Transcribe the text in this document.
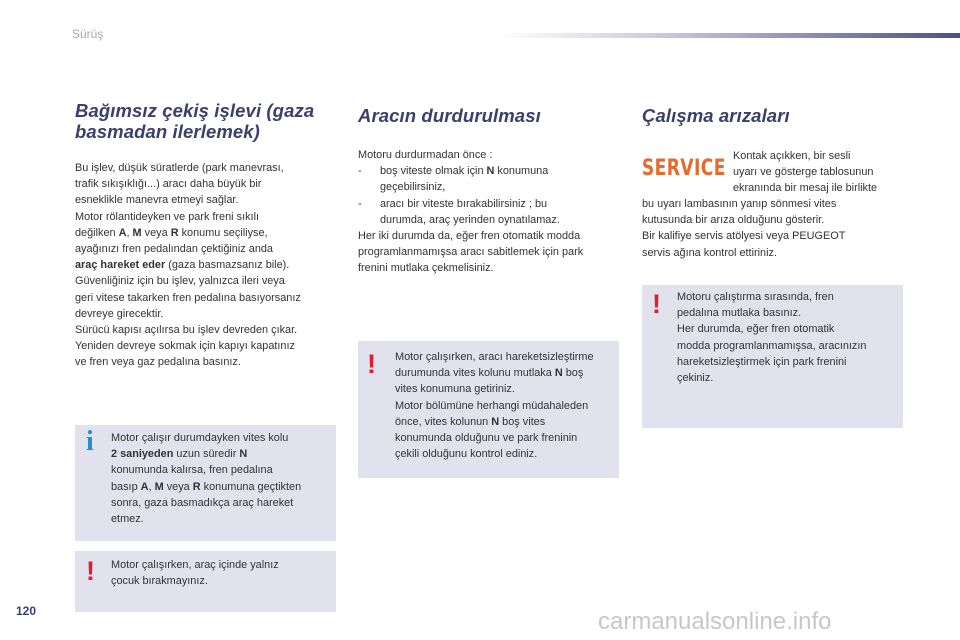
Sürüş
Bağımsız çekiş işlevi (gaza
basmadan ilerlemek)

Bu işlev, düşük süratlerde (park manevrası,

trafik sıkışıklığı...) aracı daha büyük bir

esneklikle manevra etmeyi sağlar.

Motor rölantideyken ve park freni sıkılı

değilken A, M veya R konumu seçiliyse,

ayağınızı fren pedalından çektiğiniz anda

araç hareket eder (gaza basmazsanız bile).

Güvenliğiniz için bu işlev, yalnızca ileri veya

geri vitese takarken fren pedalına basıyorsanız

devreye girecektir.

Sürücü kapısı açılırsa bu işlev devreden çıkar.

Yeniden devreye sokmak için kapıyı kapatınız

ve fren veya gaz pedalına basınız.

i Motor çalışır durumdayken vites kolu

2 saniyeden uzun süredir N

konumunda kalırsa, fren pedalına

basıp A, M veya R konumuna geçtikten

sonra, gaza basmadıkça araç hareket

etmez.

! Motor çalışırken, araç içinde yalnız

çocuk bırakmayınız.

Aracın durdurulması

Motoru durdurmadan önce :

- boş viteste olmak için N konumuna

geçebilirsiniz,

- aracı bir viteste bırakabilirsiniz ; bu

durumda, araç yerinden oynatılamaz.

Her iki durumda da, eğer fren otomatik modda

programlanmamışsa aracı sabitlemek için park

frenini mutlaka çekmelisiniz.

! Motor çalışırken, aracı hareketsizleştirme

durumunda vites kolunu mutlaka N boş

vites konumuna getiriniz.

Motor bölümüne herhangi müdahaleden

önce, vites kolunun N boş vites

konumunda olduğunu ve park freninin

çekili olduğunu kontrol ediniz.

Çalışma arızaları
SERVICE Kontak açıkken, bir sesli

uyarı ve gösterge tablosunun

ekranında bir mesaj ile birlikte

bu uyarı lambasının yanıp sönmesi vites

kutusunda bir arıza olduğunu gösterir.

Bir kalifiye servis atölyesi veya PEUGEOT

servis ağına kontrol ettiriniz.

! Motoru çalıştırma sırasında, fren

pedalına mutlaka basınız.

Her durumda, eğer fren otomatik

modda programlanmamışsa, aracınızın

hareketsizleştirmek için park frenini

çekiniz.

120	carmanualsonline.info
